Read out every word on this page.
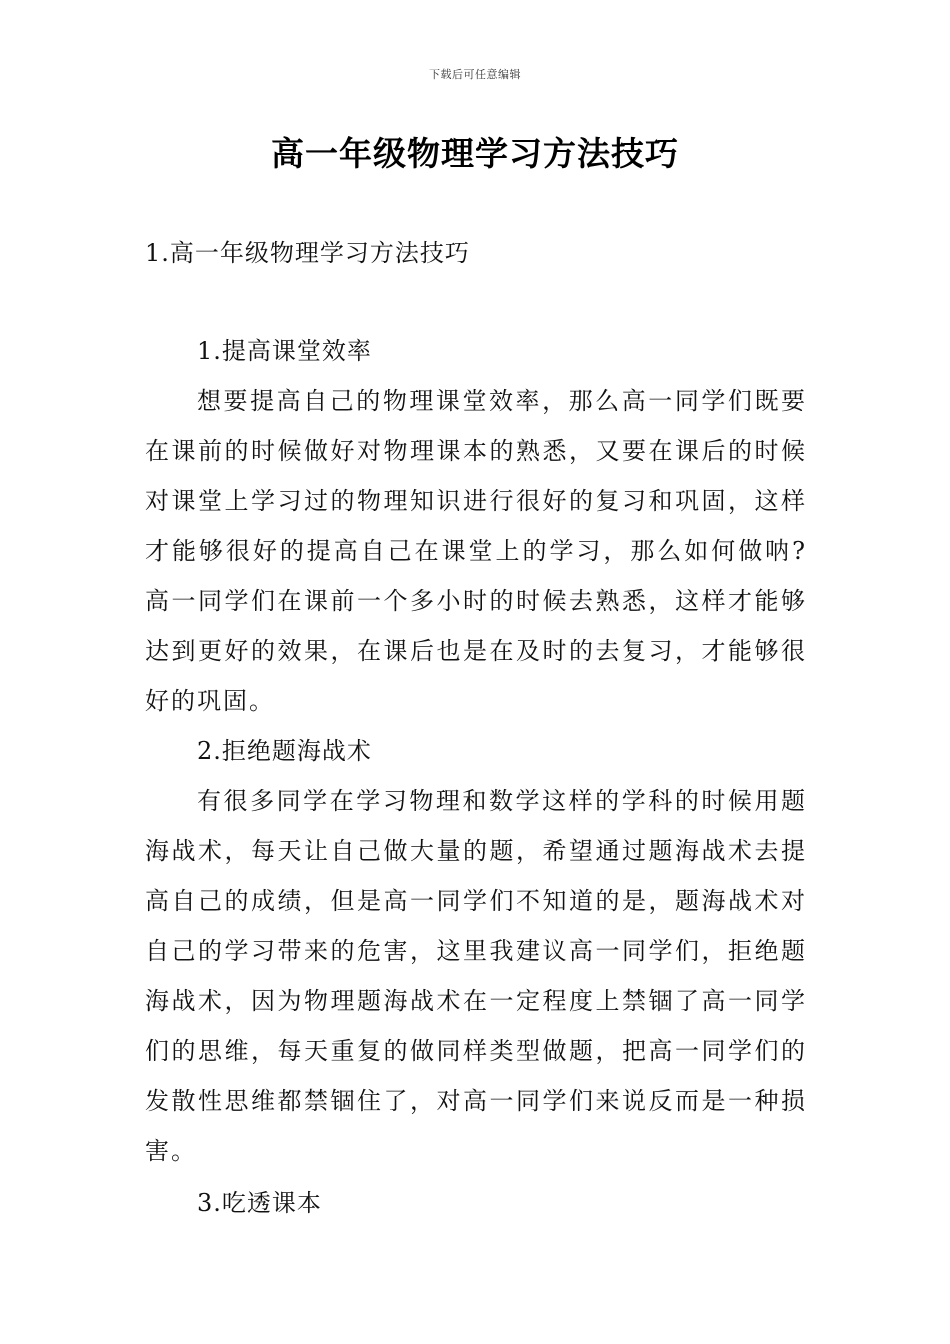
下载后可任意编辑
高一年级物理学习方法技巧

1.高一年级物理学习方法技巧

1.提高课堂效率

想要提高自己的物理课堂效率，那么高一同学们既要在课前的时候做好对物理课本的熟悉，又要在课后的时候对课堂上学习过的物理知识进行很好的复习和巩固，这样才能够很好的提高自己在课堂上的学习，那么如何做呐?高一同学们在课前一个多小时的时候去熟悉，这样才能够达到更好的效果，在课后也是在及时的去复习，才能够很好的巩固。

2.拒绝题海战术

有很多同学在学习物理和数学这样的学科的时候用题海战术，每天让自己做大量的题，希望通过题海战术去提高自己的成绩，但是高一同学们不知道的是，题海战术对自己的学习带来的危害，这里我建议高一同学们，拒绝题海战术，因为物理题海战术在一定程度上禁锢了高一同学们的思维，每天重复的做同样类型做题，把高一同学们的发散性思维都禁锢住了，对高一同学们来说反而是一种损害。

3.吃透课本
